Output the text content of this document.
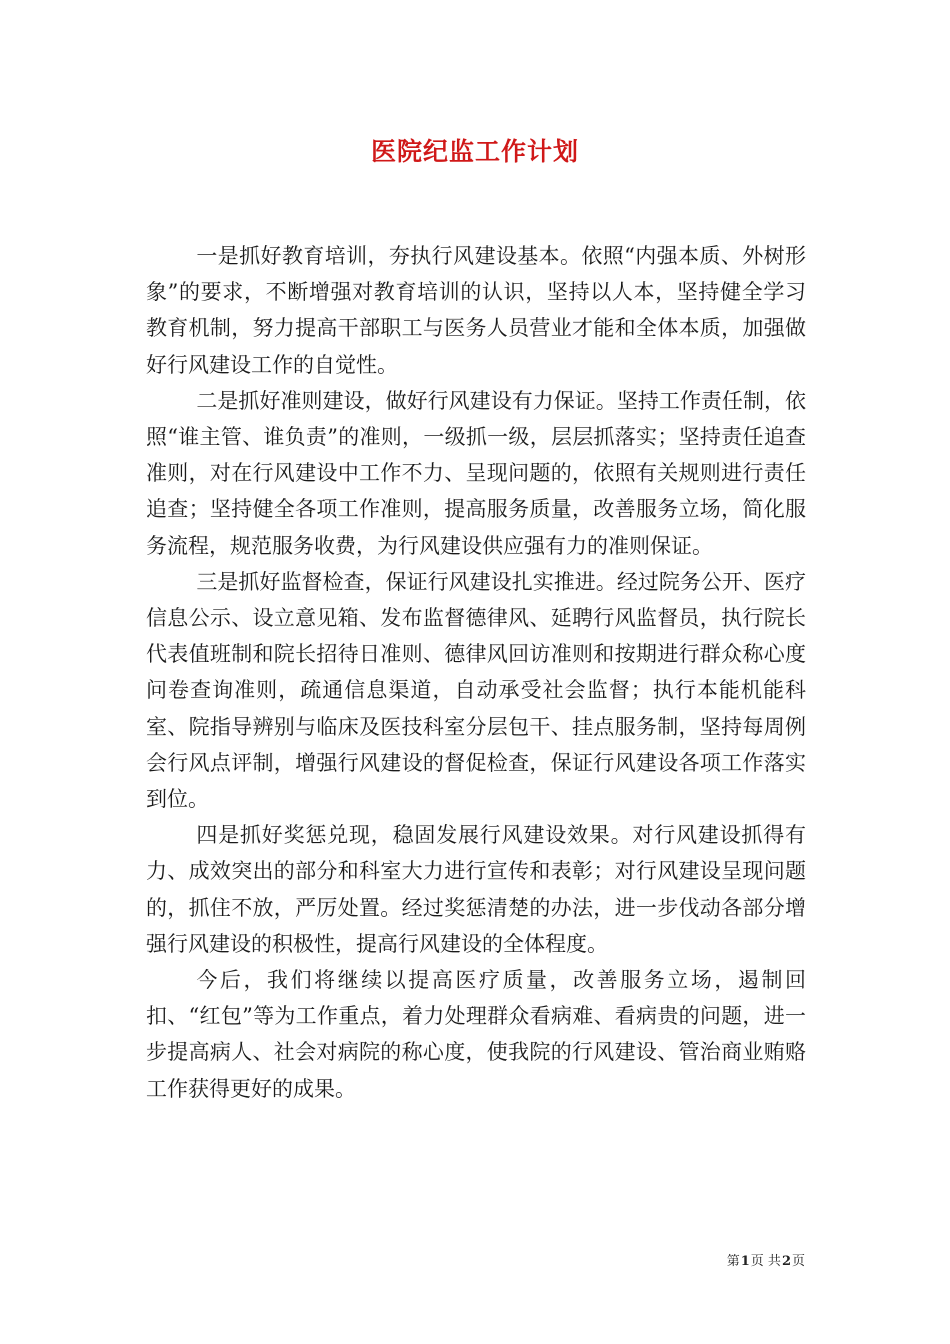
医院纪监工作计划

一是抓好教育培训，夯执行风建设基本。依照“内强本质、外树形象”的要求，不断增强对教育培训的认识，坚持以人本，坚持健全学习教育机制，努力提高干部职工与医务人员营业才能和全体本质，加强做好行风建设工作的自觉性。

二是抓好准则建设，做好行风建设有力保证。坚持工作责任制，依照“谁主管、谁负责”的准则，一级抓一级，层层抓落实；坚持责任追查准则，对在行风建设中工作不力、呈现问题的，依照有关规则进行责任追查；坚持健全各项工作准则，提高服务质量，改善服务立场，简化服务流程，规范服务收费，为行风建设供应强有力的准则保证。

三是抓好监督检查，保证行风建设扎实推进。经过院务公开、医疗信息公示、设立意见箱、发布监督德律风、延聘行风监督员，执行院长代表值班制和院长招待日准则、德律风回访准则和按期进行群众称心度问卷查询准则，疏通信息渠道，自动承受社会监督；执行本能机能科室、院指导辨别与临床及医技科室分层包干、挂点服务制，坚持每周例会行风点评制，增强行风建设的督促检查，保证行风建设各项工作落实到位。

四是抓好奖惩兑现，稳固发展行风建设效果。对行风建设抓得有力、成效突出的部分和科室大力进行宣传和表彰；对行风建设呈现问题的，抓住不放，严厉处置。经过奖惩清楚的办法，进一步伐动各部分增强行风建设的积极性，提高行风建设的全体程度。

今后，我们将继续以提高医疗质量，改善服务立场，遏制回扣、“红包”等为工作重点，着力处理群众看病难、看病贵的问题，进一步提高病人、社会对病院的称心度，使我院的行风建设、管治商业贿赂工作获得更好的成果。

第1页 共2页
